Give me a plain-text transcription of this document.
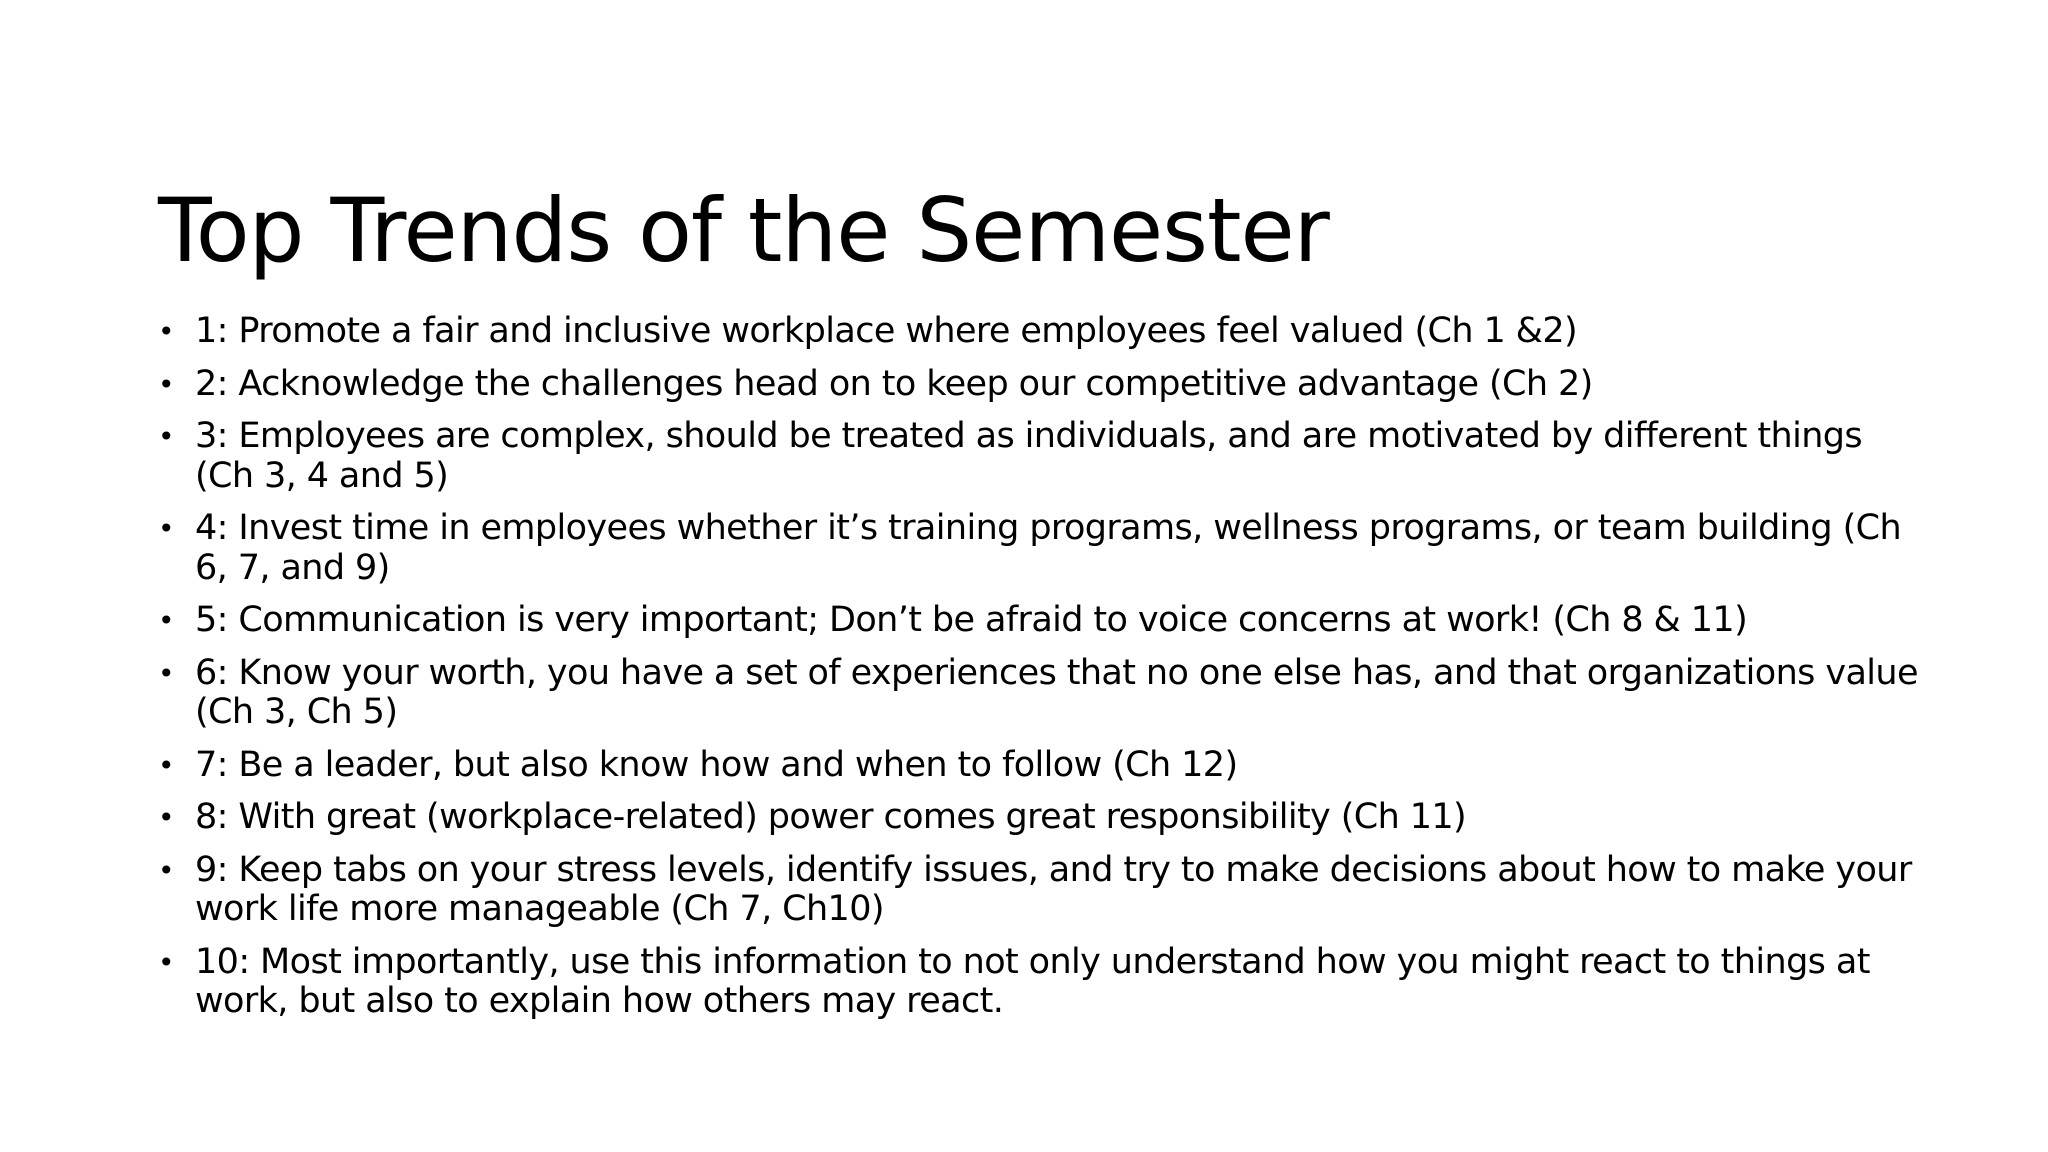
Top Trends of the Semester
• 1: Promote a fair and inclusive workplace where employees feel valued (Ch 1 &2)
• 2: Acknowledge the challenges head on to keep our competitive advantage (Ch 2)
• 3: Employees are complex, should be treated as individuals, and are motivated by different things (Ch 3, 4 and 5)
• 4: Invest time in employees whether it’s training programs, wellness programs, or team building (Ch 6, 7, and 9)
• 5: Communication is very important; Don’t be afraid to voice concerns at work! (Ch 8 & 11)
• 6: Know your worth, you have a set of experiences that no one else has, and that organizations value (Ch 3, Ch 5)
• 7: Be a leader, but also know how and when to follow (Ch 12)
• 8: With great (workplace-related) power comes great responsibility (Ch 11)
• 9: Keep tabs on your stress levels, identify issues, and try to make decisions about how to make your work life more manageable (Ch 7, Ch10)
• 10: Most importantly, use this information to not only understand how you might react to things at work, but also to explain how others may react.
